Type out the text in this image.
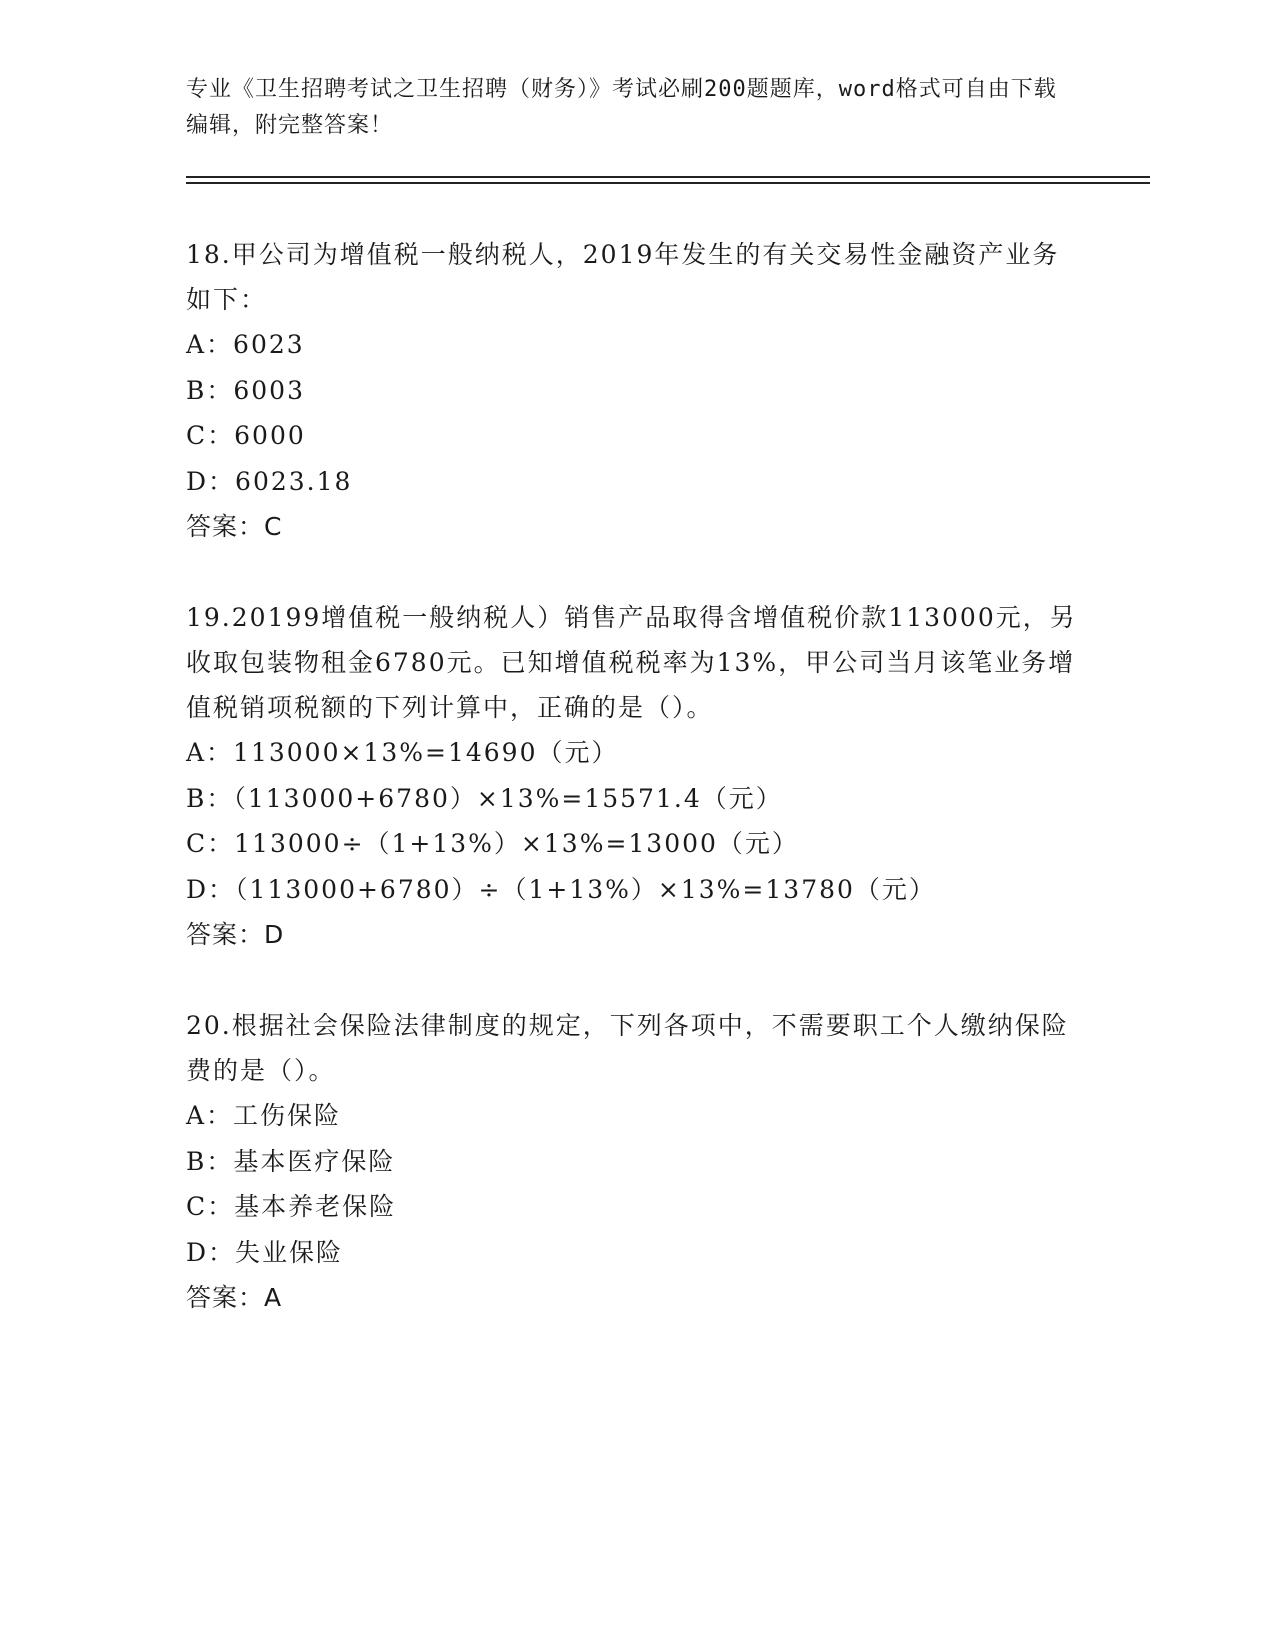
专业《卫生招聘考试之卫生招聘（财务）》考试必刷200题题库，word格式可自由下载编辑，附完整答案！

18.甲公司为增值税一般纳税人，2019年发生的有关交易性金融资产业务如下：

A：6023
B：6003
C：6000
D：6023.18
答案：C

19.20199增值税一般纳税人）销售产品取得含增值税价款113000元，另收取包装物租金6780元。已知增值税税率为13%，甲公司当月该笔业务增值税销项税额的下列计算中，正确的是（）。

A：113000×13%=14690（元）
B：（113000+6780）×13%=15571.4（元）
C：113000÷（1+13%）×13%=13000（元）
D：（113000+6780）÷（1+13%）×13%=13780（元）
答案：D

20.根据社会保险法律制度的规定，下列各项中，不需要职工个人缴纳保险费的是（）。

A：工伤保险
B：基本医疗保险
C：基本养老保险
D：失业保险
答案：A
